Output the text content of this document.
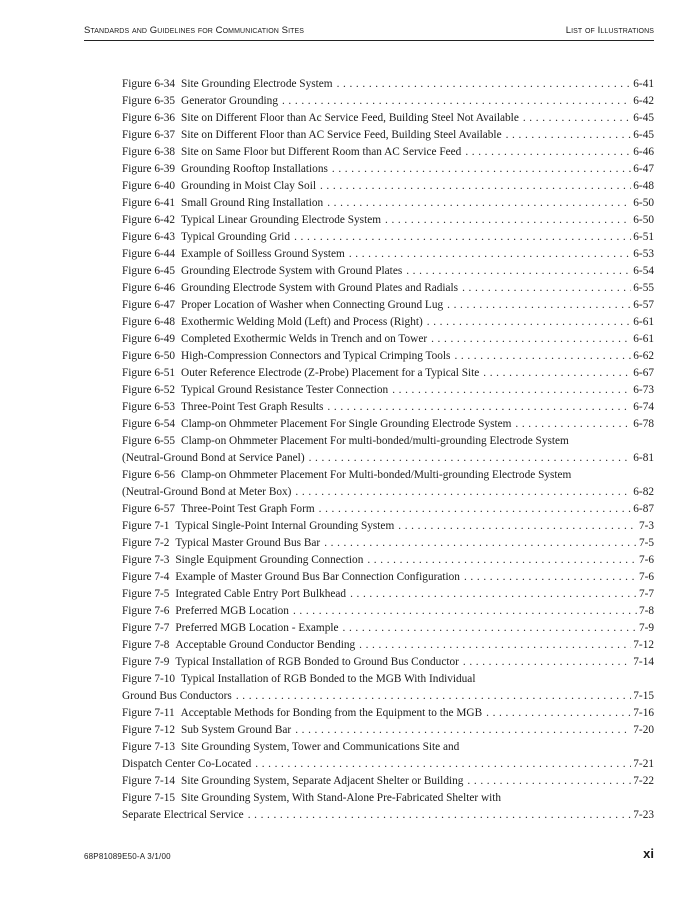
Standards and Guidelines for Communication Sites	List of Illustrations
Figure 6-34 Site Grounding Electrode System . . .	6-41
Figure 6-35 Generator Grounding . . .	6-42
Figure 6-36 Site on Different Floor than Ac Service Feed, Building Steel Not Available . . .	6-45
Figure 6-37 Site on Different Floor than AC Service Feed, Building Steel Available . . .	6-45
Figure 6-38 Site on Same Floor but Different Room than AC Service Feed . . .	6-46
Figure 6-39 Grounding Rooftop Installations . . .	6-47
Figure 6-40 Grounding in Moist Clay Soil . . .	6-48
Figure 6-41 Small Ground Ring Installation . . .	6-50
Figure 6-42 Typical Linear Grounding Electrode System . . .	6-50
Figure 6-43 Typical Grounding Grid . . .	6-51
Figure 6-44 Example of Soilless Ground System . . .	6-53
Figure 6-45 Grounding Electrode System with Ground Plates . . .	6-54
Figure 6-46 Grounding Electrode System with Ground Plates and Radials . . .	6-55
Figure 6-47 Proper Location of Washer when Connecting Ground Lug . . .	6-57
Figure 6-48 Exothermic Welding Mold (Left) and Process (Right) . . .	6-61
Figure 6-49 Completed Exothermic Welds in Trench and on Tower . . .	6-61
Figure 6-50 High-Compression Connectors and Typical Crimping Tools . . .	6-62
Figure 6-51 Outer Reference Electrode (Z-Probe) Placement for a Typical Site . . .	6-67
Figure 6-52 Typical Ground Resistance Tester Connection . . .	6-73
Figure 6-53 Three-Point Test Graph Results . . .	6-74
Figure 6-54 Clamp-on Ohmmeter Placement For Single Grounding Electrode System . . .	6-78
Figure 6-55 Clamp-on Ohmmeter Placement For multi-bonded/multi-grounding Electrode System
(Neutral-Ground Bond at Service Panel) . . .	6-81
Figure 6-56 Clamp-on Ohmmeter Placement For Multi-bonded/Multi-grounding Electrode System
(Neutral-Ground Bond at Meter Box) . . .	6-82
Figure 6-57 Three-Point Test Graph Form . . .	6-87
Figure 7-1 Typical Single-Point Internal Grounding System . . .	7-3
Figure 7-2 Typical Master Ground Bus Bar . . .	7-5
Figure 7-3 Single Equipment Grounding Connection . . .	7-6
Figure 7-4 Example of Master Ground Bus Bar Connection Configuration . . .	7-6
Figure 7-5 Integrated Cable Entry Port Bulkhead . . .	7-7
Figure 7-6 Preferred MGB Location . . .	7-8
Figure 7-7 Preferred MGB Location - Example . . .	7-9
Figure 7-8 Acceptable Ground Conductor Bending . . .	7-12
Figure 7-9 Typical Installation of RGB Bonded to Ground Bus Conductor . . .	7-14
Figure 7-10 Typical Installation of RGB Bonded to the MGB With Individual
Ground Bus Conductors . . .	7-15
Figure 7-11 Acceptable Methods for Bonding from the Equipment to the MGB . . .	7-16
Figure 7-12 Sub System Ground Bar . . .	7-20
Figure 7-13 Site Grounding System, Tower and Communications Site and
Dispatch Center Co-Located . . .	7-21
Figure 7-14 Site Grounding System, Separate Adjacent Shelter or Building . . .	7-22
Figure 7-15 Site Grounding System, With Stand-Alone Pre-Fabricated Shelter with
Separate Electrical Service . . .	7-23
68P81089E50-A 3/1/00	xi
